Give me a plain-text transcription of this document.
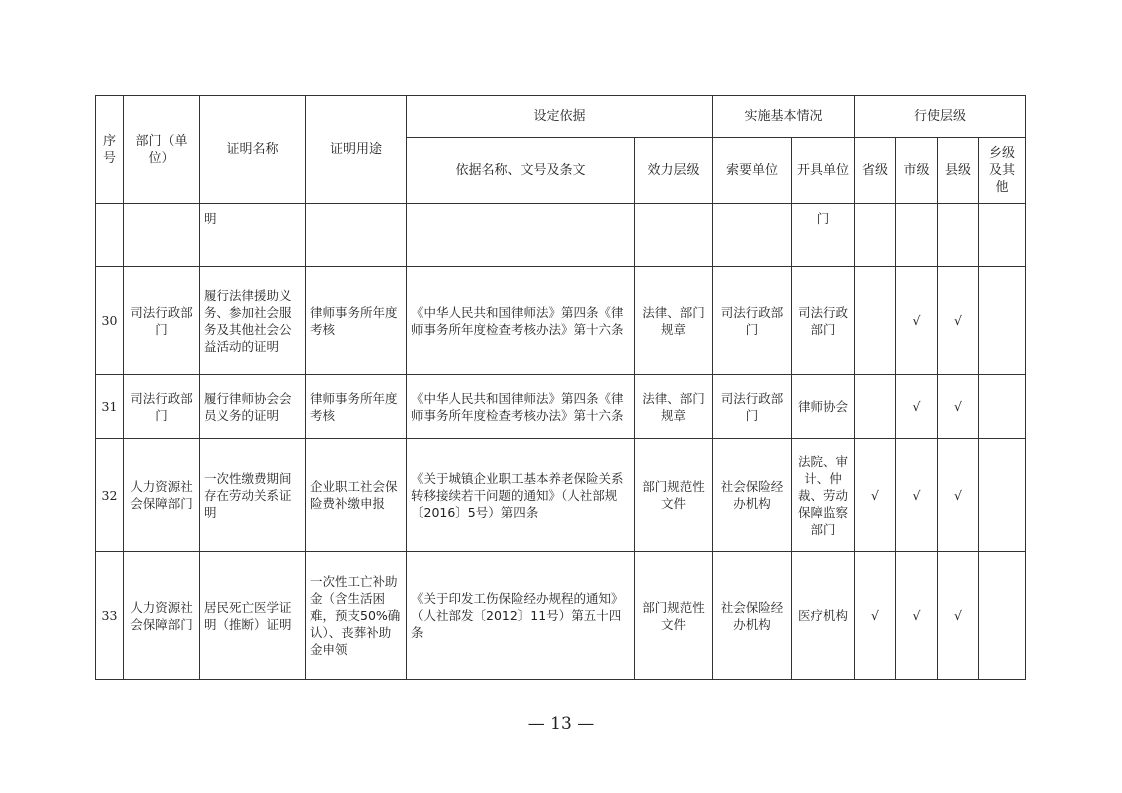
序号	部门（单位）	证明名称	证明用途	设定依据		实施基本情况		行使层级			
				依据名称、文号及条文	效力层级	索要单位	开具单位	省级	市级	县级	乡级及其他
		明					门				
30	司法行政部门	履行法律援助义务、参加社会服务及其他社会公益活动的证明	律师事务所年度考核	《中华人民共和国律师法》第四条《律师事务所年度检查考核办法》第十六条	法律、部门规章	司法行政部门	司法行政部门		√	√	
31	司法行政部门	履行律师协会会员义务的证明	律师事务所年度考核	《中华人民共和国律师法》第四条《律师事务所年度检查考核办法》第十六条	法律、部门规章	司法行政部门	律师协会		√	√	
32	人力资源社会保障部门	一次性缴费期间存在劳动关系证明	企业职工社会保险费补缴申报	《关于城镇企业职工基本养老保险关系转移接续若干问题的通知》（人社部规〔2016〕5号）第四条	部门规范性文件	社会保险经办机构	法院、审计、仲裁、劳动保障监察部门	√	√	√	
33	人力资源社会保障部门	居民死亡医学证明（推断）证明	一次性工亡补助金（含生活困难，预支50%确认）、丧葬补助金申领	《关于印发工伤保险经办规程的通知》（人社部发〔2012〕11号）第五十四条	部门规范性文件	社会保险经办机构	医疗机构	√	√	√	
— 13 —
